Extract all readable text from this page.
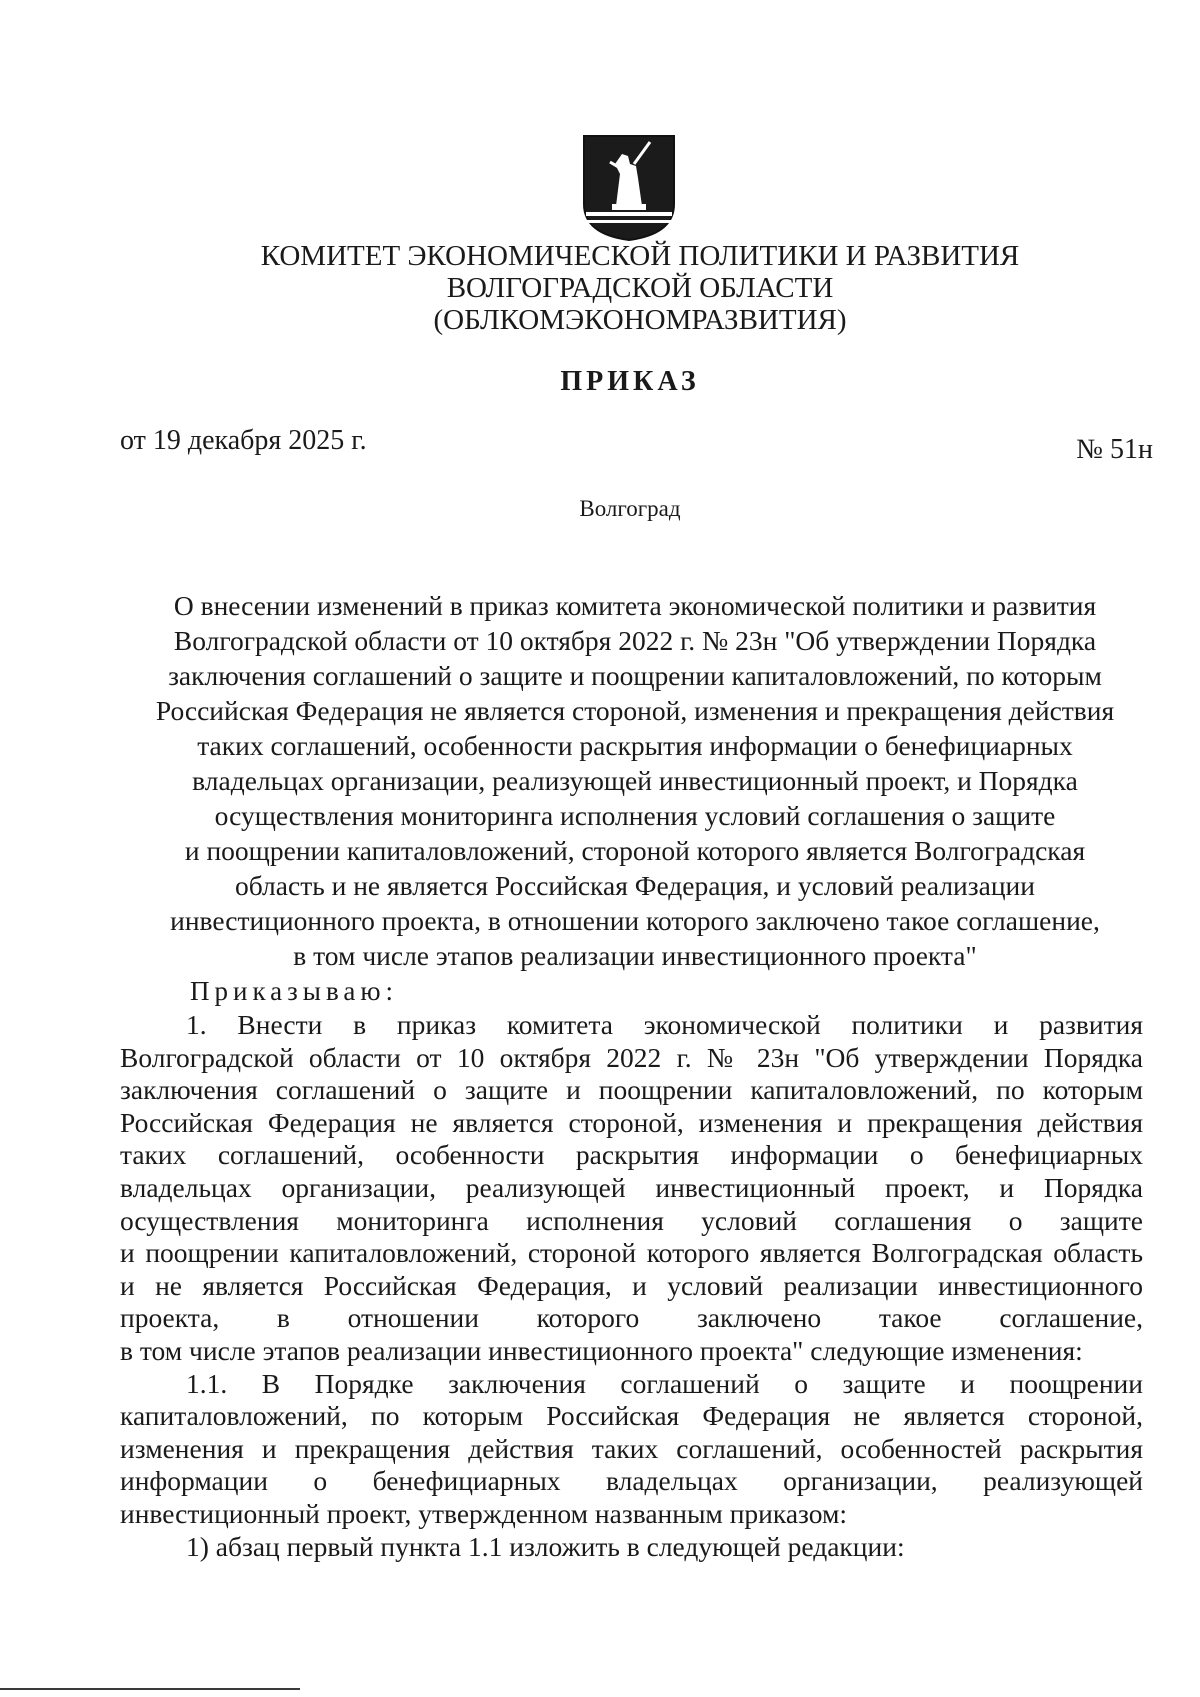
КОМИТЕТ ЭКОНОМИЧЕСКОЙ ПОЛИТИКИ И РАЗВИТИЯ
ВОЛГОГРАДСКОЙ ОБЛАСТИ
(ОБЛКОМЭКОНОМРАЗВИТИЯ)
ПРИКАЗ
от 19 декабря 2025 г.	№ 51н
Волгоград
О внесении изменений в приказ комитета экономической политики и развития
Волгоградской области от 10 октября 2022 г. № 23н "Об утверждении Порядка
заключения соглашений о защите и поощрении капиталовложений, по которым
Российская Федерация не является стороной, изменения и прекращения действия
таких соглашений, особенности раскрытия информации о бенефициарных
владельцах организации, реализующей инвестиционный проект, и Порядка
осуществления мониторинга исполнения условий соглашения о защите
и поощрении капиталовложений, стороной которого является Волгоградская
область и не является Российская Федерация, и условий реализации
инвестиционного проекта, в отношении которого заключено такое соглашение,
в том числе этапов реализации инвестиционного проекта"
Приказываю:
1. Внести в приказ комитета экономической политики и развития
Волгоградской области от 10 октября 2022 г. № 23н "Об утверждении Порядка
заключения соглашений о защите и поощрении капиталовложений, по которым
Российская Федерация не является стороной, изменения и прекращения действия
таких соглашений, особенности раскрытия информации о бенефициарных
владельцах организации, реализующей инвестиционный проект, и Порядка
осуществления мониторинга исполнения условий соглашения о защите
и поощрении капиталовложений, стороной которого является Волгоградская область
и не является Российская Федерация, и условий реализации инвестиционного
проекта, в отношении которого заключено такое соглашение,
в том числе этапов реализации инвестиционного проекта" следующие изменения:
1.1. В Порядке заключения соглашений о защите и поощрении
капиталовложений, по которым Российская Федерация не является стороной,
изменения и прекращения действия таких соглашений, особенностей раскрытия
информации о бенефициарных владельцах организации, реализующей
инвестиционный проект, утвержденном названным приказом:
1) абзац первый пункта 1.1 изложить в следующей редакции:
